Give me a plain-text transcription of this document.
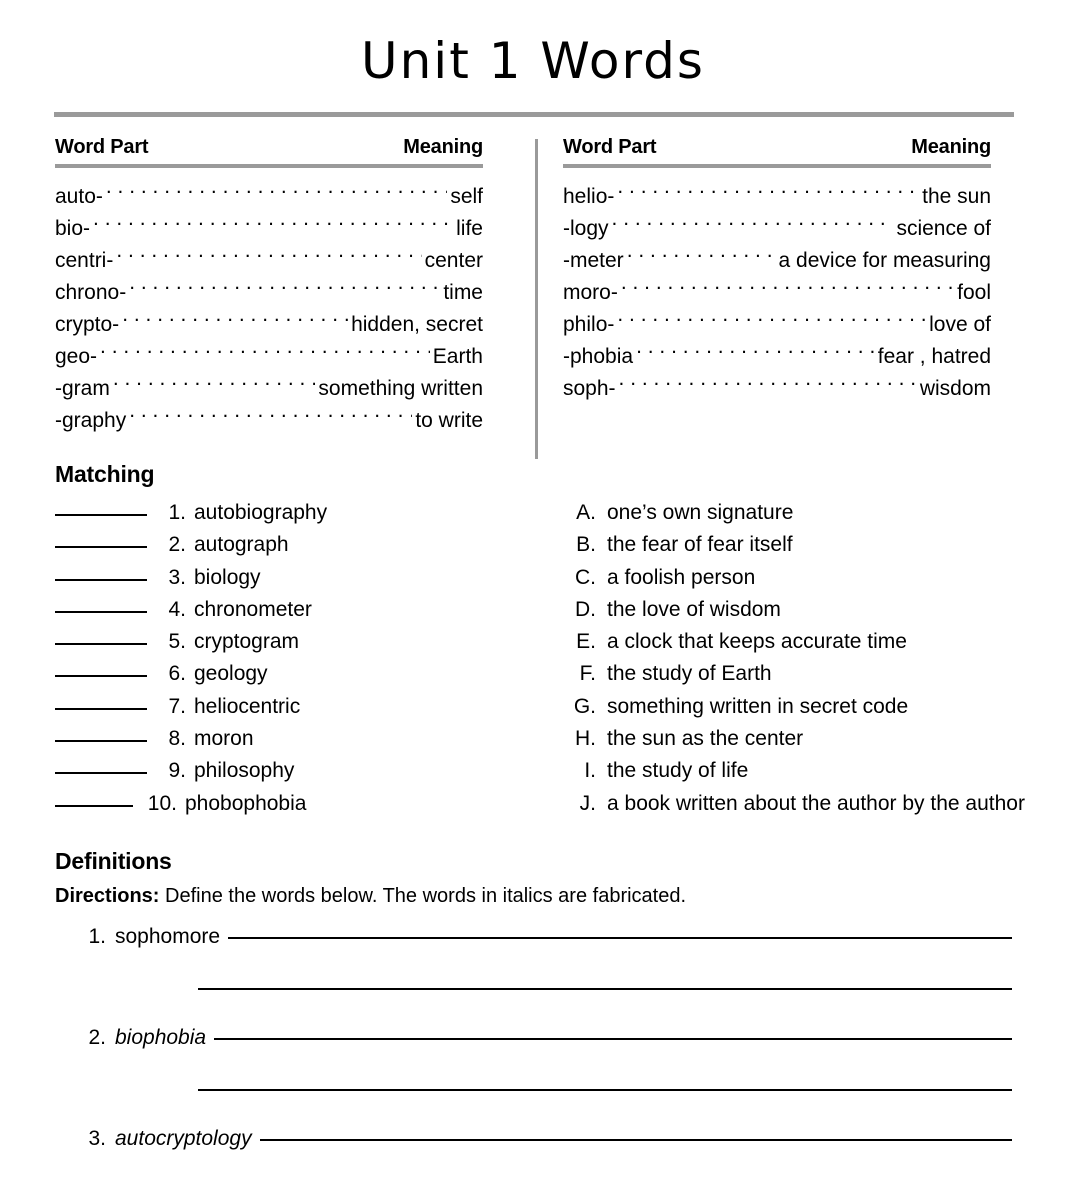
Unit 1 Words
Word Part	Meaning
auto- . . .	self
bio- . . .	life
centri- . . .	center
chrono- . . .	time
crypto- . . .	hidden, secret
geo- . . .	Earth
-gram . . .	something written
-graphy . . .	to write
Word Part	Meaning
helio- . . .	the sun
-logy . . .	science of
-meter . . .	a device for measuring
moro- . . .	fool
philo- . . .	love of
-phobia . . .	fear , hatred
soph- . . .	wisdom
Matching
1. autobiography
2. autograph
3. biology
4. chronometer
5. cryptogram
6. geology
7. heliocentric
8. moron
9. philosophy
10. phobophobia
A. one’s own signature
B. the fear of fear itself
C. a foolish person
D. the love of wisdom
E. a clock that keeps accurate time
F. the study of Earth
G. something written in secret code
H. the sun as the center
I. the study of life
J. a book written about the author by the author
Definitions
Directions: Define the words below. The words in italics are fabricated.
1. sophomore
2. biophobia
3. autocryptology
